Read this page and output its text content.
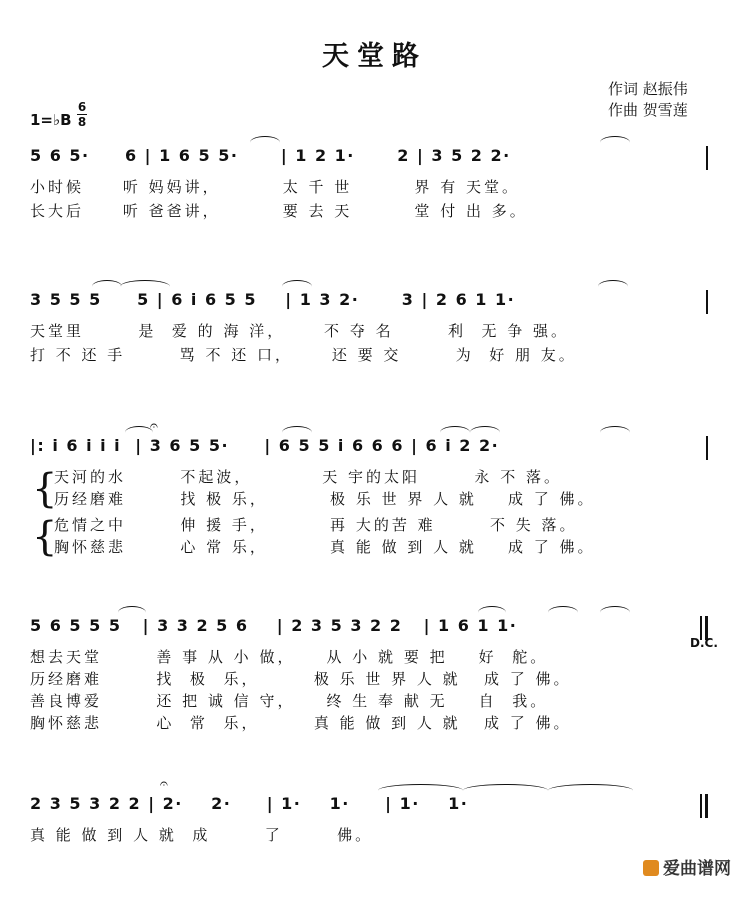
天堂路
作词 赵振伟
作曲 贺雪莲
1=♭B
6
8
5 6 5·     6 | 1 6 5 5·      | 1 2 1·      2 | 3 5 2 2·
小时候     听 妈妈讲，        太 千 世        界 有 天堂。
长大后     听 爸爸讲，        要 去 天        堂 付 出 多。
3 5 5 5     5 | 6 i 6 5 5    | 1 3 2·      3 | 2 6 1 1·
天堂里       是  爱 的 海 洋，     不 夺 名       利  无 争 强。
打 不 还 手       骂 不 还 口，     还 要 交       为  好 朋 友。
|: i 6 i i i  | 3 6 5 5·     | 6 5 5 i 6 6 6 | 6 i 2 2·
𝄐
{
{
天河的水       不起波，         天 宇的太阳       永 不 落。
历经磨难       找 极 乐，        极 乐 世 界 人 就    成 了 佛。
危情之中       伸 援 手，        再 大的苦 难       不 失 落。
胸怀慈悲       心 常 乐，        真 能 做 到 人 就    成 了 佛。
5 6 5 5 5   | 3 3 2 5 6    | 2 3 5 3 2 2   | 1 6 1 1·
D.C.
想去天堂       善 事 从 小 做，    从 小 就 要 把    好  舵。
历经磨难       找  极  乐，       极 乐 世 界 人 就   成 了 佛。
善良博爱       还 把 诚 信 守，    终 生 奉 献 无    自  我。
胸怀慈悲       心  常  乐，       真 能 做 到 人 就   成 了 佛。
2 3 5 3 2 2 | 2·    2·     | 1·    1·     | 1·    1·
𝄐
真 能 做 到 人 就  成       了       佛。
爱曲谱网
